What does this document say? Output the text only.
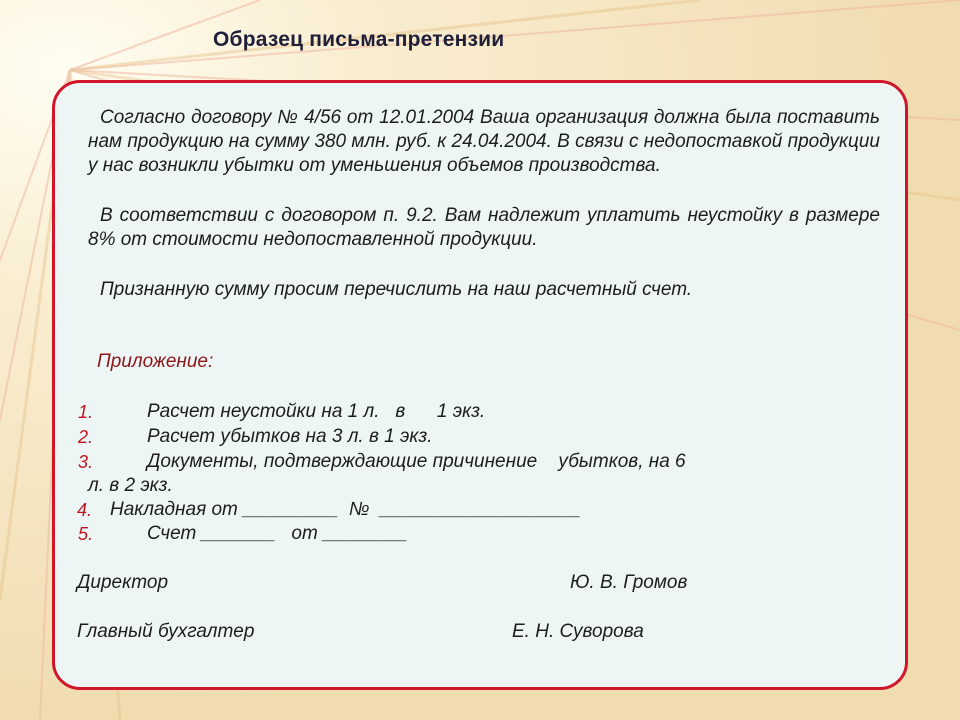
Образец письма-претензии

Согласно договору № 4/56 от 12.01.2004 Ваша организация должна была поставить нам продукцию на сумму 380 млн. руб. к 24.04.2004. В связи с недопоставкой продукции у нас возникли убытки от уменьшения объемов производства.

В соответствии с договором п. 9.2. Вам надлежит уплатить неустойку в размере 8% от стоимости недопоставленной продукции.

Признанную сумму просим перечислить на наш расчетный счет.

Приложение:
1.	Расчет неустойки на 1 л.   в      1 экз.
2.	Расчет убытков на 3 л. в 1 экз.
3.	Документы, подтверждающие причинение    убытков, на 6
л. в 2 экз.
4. Накладная от _________  №  ___________________
5.	Счет _______   от ________
Директор	Ю. В. Громов
Главный бухгалтер	Е. Н. Суворова
